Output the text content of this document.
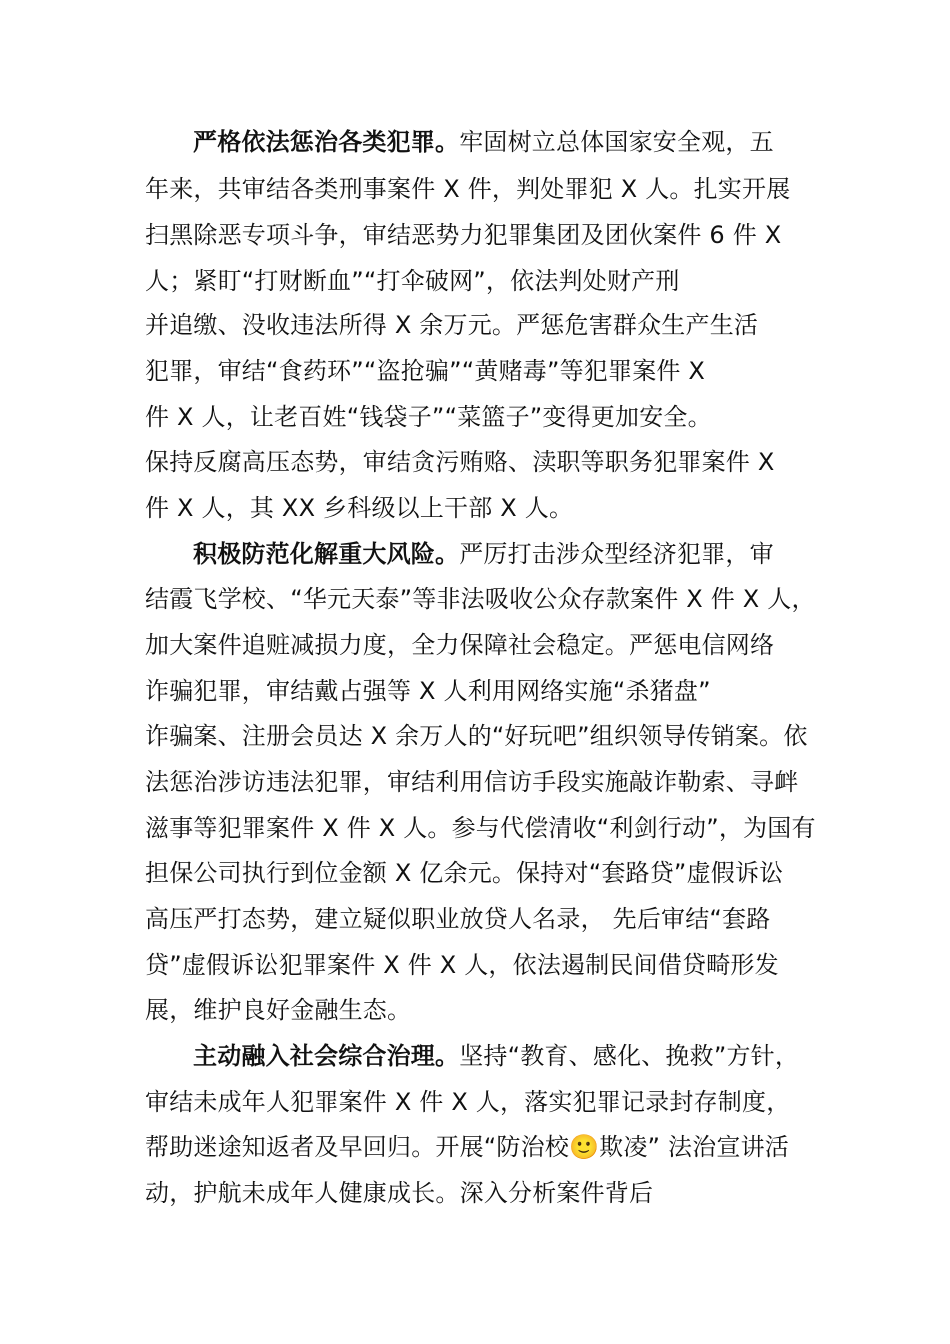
严格依法惩治各类犯罪。牢固树立总体国家安全观，五
年来，共审结各类刑事案件 X 件，判处罪犯 X 人。扎实开展
扫黑除恶专项斗争，审结恶势力犯罪集团及团伙案件 6 件 X
人；紧盯“打财断血”“打伞破网”，依法判处财产刑
并追缴、没收违法所得 X 余万元。严惩危害群众生产生活
犯罪，审结“食药环”“盗抢骗”“黄赌毒”等犯罪案件 X
件 X 人，让老百姓“钱袋子”“菜篮子”变得更加安全。
保持反腐高压态势，审结贪污贿赂、渎职等职务犯罪案件 X
件 X 人，其 XX 乡科级以上干部 X 人。
积极防范化解重大风险。严厉打击涉众型经济犯罪，审
结霞飞学校、“华元天泰”等非法吸收公众存款案件 X 件 X 人，
加大案件追赃减损力度，全力保障社会稳定。严惩电信网络
诈骗犯罪，审结戴占强等 X 人利用网络实施“杀猪盘”
诈骗案、注册会员达 X 余万人的“好玩吧”组织领导传销案。依
法惩治涉访违法犯罪，审结利用信访手段实施敲诈勒索、寻衅
滋事等犯罪案件 X 件 X 人。参与代偿清收“利剑行动”，为国有
担保公司执行到位金额 X 亿余元。保持对“套路贷”虚假诉讼
高压严打态势，建立疑似职业放贷人名录， 先后审结“套路
贷”虚假诉讼犯罪案件 X 件 X 人，依法遏制民间借贷畸形发
展，维护良好金融生态。
主动融入社会综合治理。坚持“教育、感化、挽救”方针，
审结未成年人犯罪案件 X 件 X 人，落实犯罪记录封存制度，
帮助迷途知返者及早回归。开展“防治校🙂欺凌” 法治宣讲活
动，护航未成年人健康成长。深入分析案件背后
